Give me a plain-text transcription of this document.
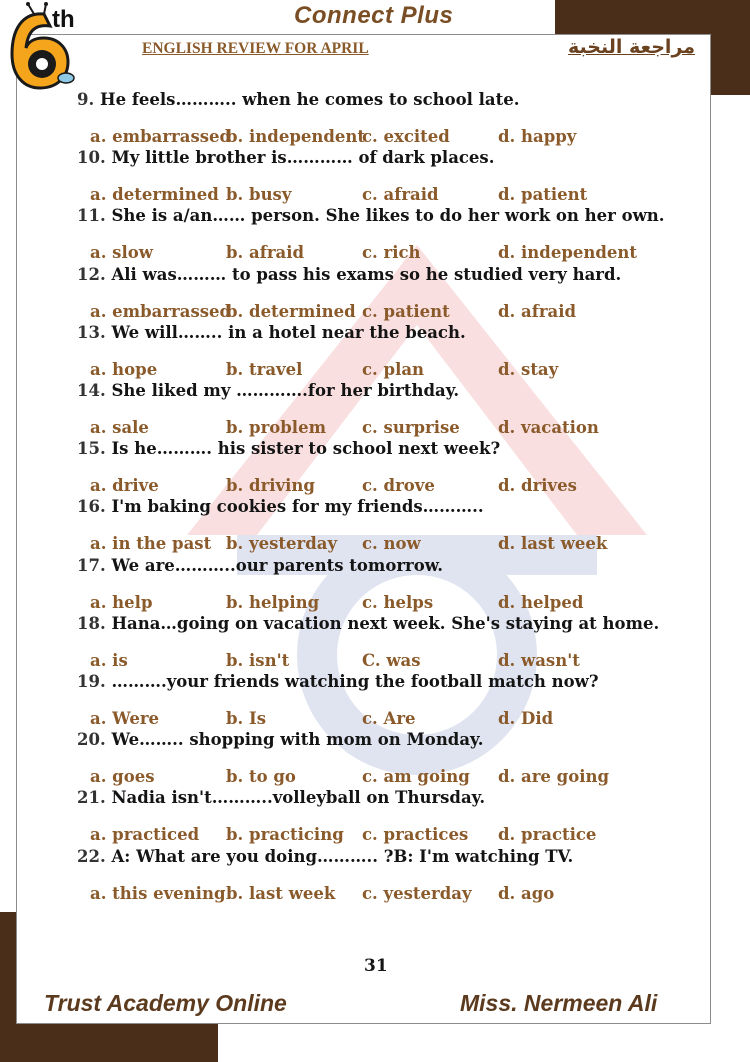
th	Connect Plus
ENGLISH REVIEW FOR APRIL	مراجعة النخبة
9. He feels……….. when he comes to school late.
a. embarrassed
b. independent
c. excited	d. happy
10. My little brother is………… of dark places.
a. determined b. busy	c. afraid	d. patient
11. She is a/an…… person. She likes to do her work on her own.
a. slow	b. afraid	c. rich	d. independent
12. Ali was……… to pass his exams so he studied very hard.
a. embarrassed
b. determined c. patient	d. afraid
13. We will…….. in a hotel near the beach.
a. hope	b. travel	c. plan	d. stay
14. She liked my ………….for her birthday.
a. sale	b. problem c. surprise d. vacation
15. Is he………. his sister to school next week?
a. drive	b. driving	c. drove	d. drives
16. I'm baking cookies for my friends………..
a. in the past b. yesterday c. now	d. last week
17. We are………..our parents tomorrow.
a. help	b. helping	c. helps	d. helped
18. Hana…going on vacation next week. She's staying at home.
a. is	b. isn't	C. was	d. wasn't
19. ……….your friends watching the football match now?
a. Were	b. Is	c. Are	d. Did
20. We…….. shopping with mom on Monday.
a. goes	b. to go	c. am going d. are going
21. Nadia isn't………..volleyball on Thursday.
a. practiced b. practicing c. practices d. practice
22. A: What are you doing……….. ?B: I'm watching TV.
a. this evening b. last week c. yesterday d. ago
31
Trust Academy Online	Miss. Nermeen Ali
